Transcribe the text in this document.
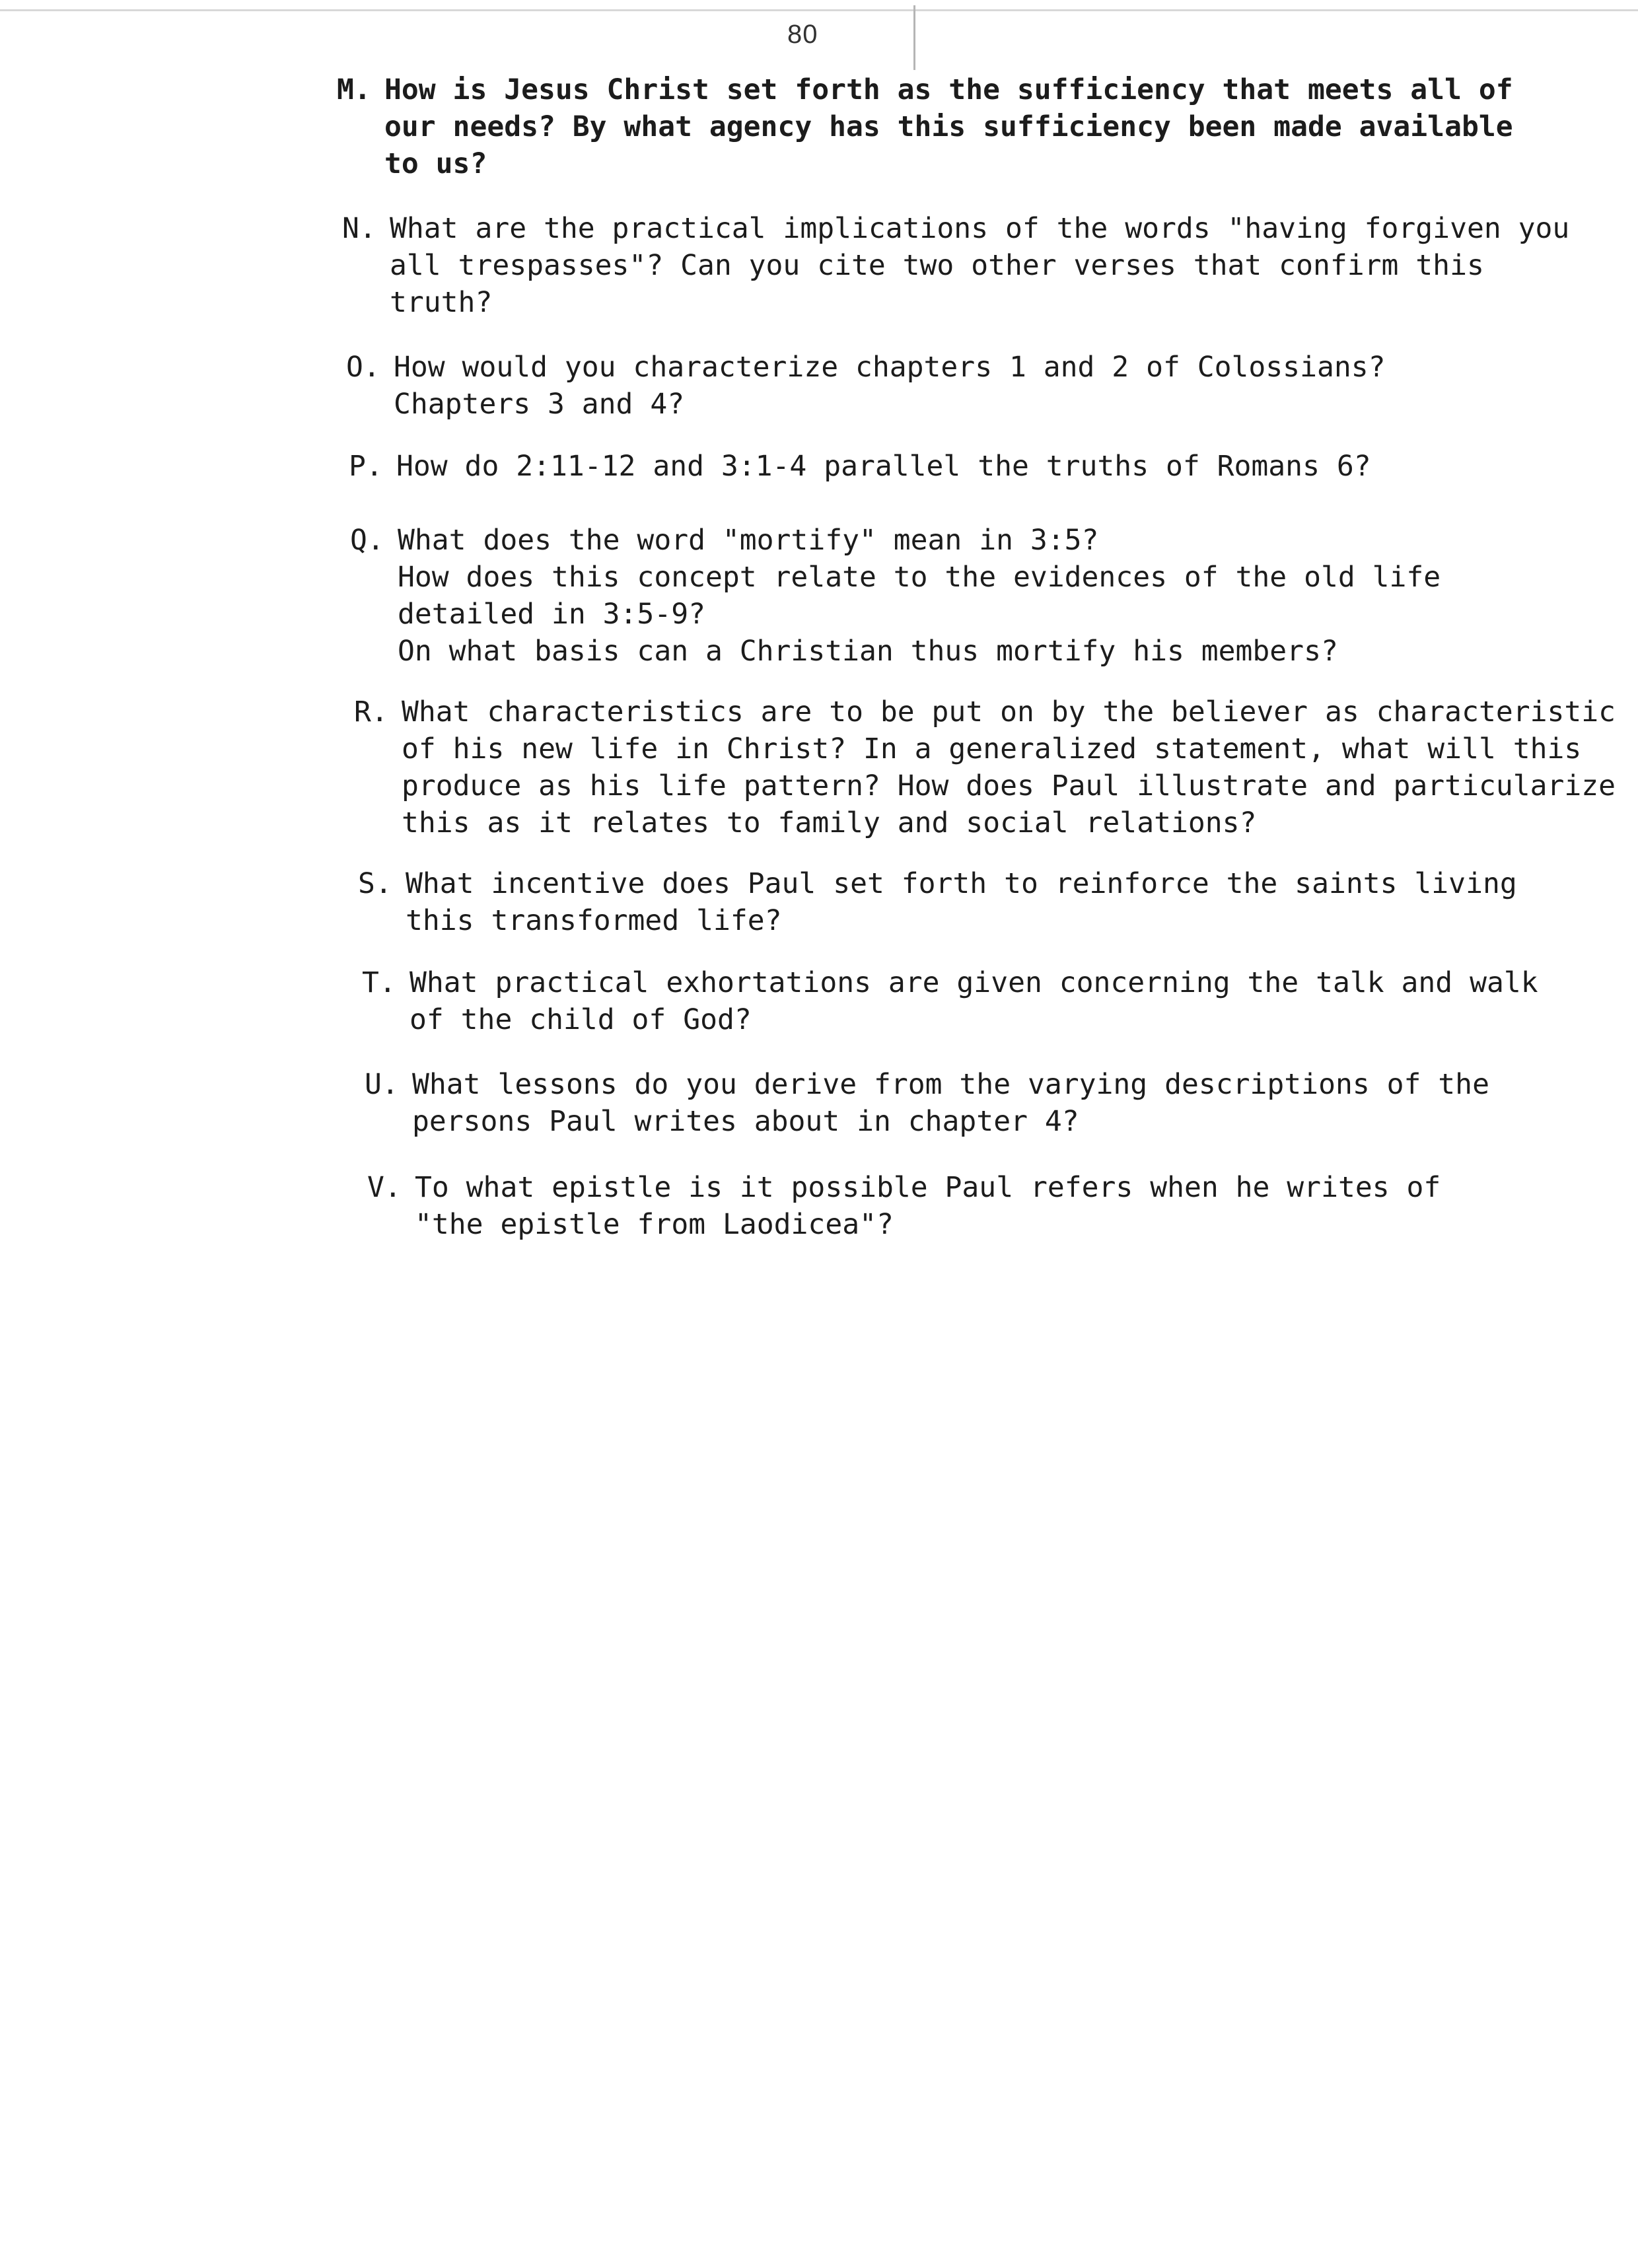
80
M. How is Jesus Christ set forth as the sufficiency that meets all of
our needs? By what agency has this sufficiency been made available
to us?
N. What are the practical implications of the words "having forgiven you
all trespasses"? Can you cite two other verses that confirm this
truth?
O. How would you characterize chapters 1 and 2 of Colossians?
Chapters 3 and 4?
P. How do 2:11-12 and 3:1-4 parallel the truths of Romans 6?
Q. What does the word "mortify" mean in 3:5?
How does this concept relate to the evidences of the old life
detailed in 3:5-9?
On what basis can a Christian thus mortify his members?
R. What characteristics are to be put on by the believer as characteristic
of his new life in Christ? In a generalized statement, what will this
produce as his life pattern? How does Paul illustrate and particularize
this as it relates to family and social relations?
S. What incentive does Paul set forth to reinforce the saints living
this transformed life?
T. What practical exhortations are given concerning the talk and walk
of the child of God?
U. What lessons do you derive from the varying descriptions of the
persons Paul writes about in chapter 4?
V. To what epistle is it possible Paul refers when he writes of
"the epistle from Laodicea"?
